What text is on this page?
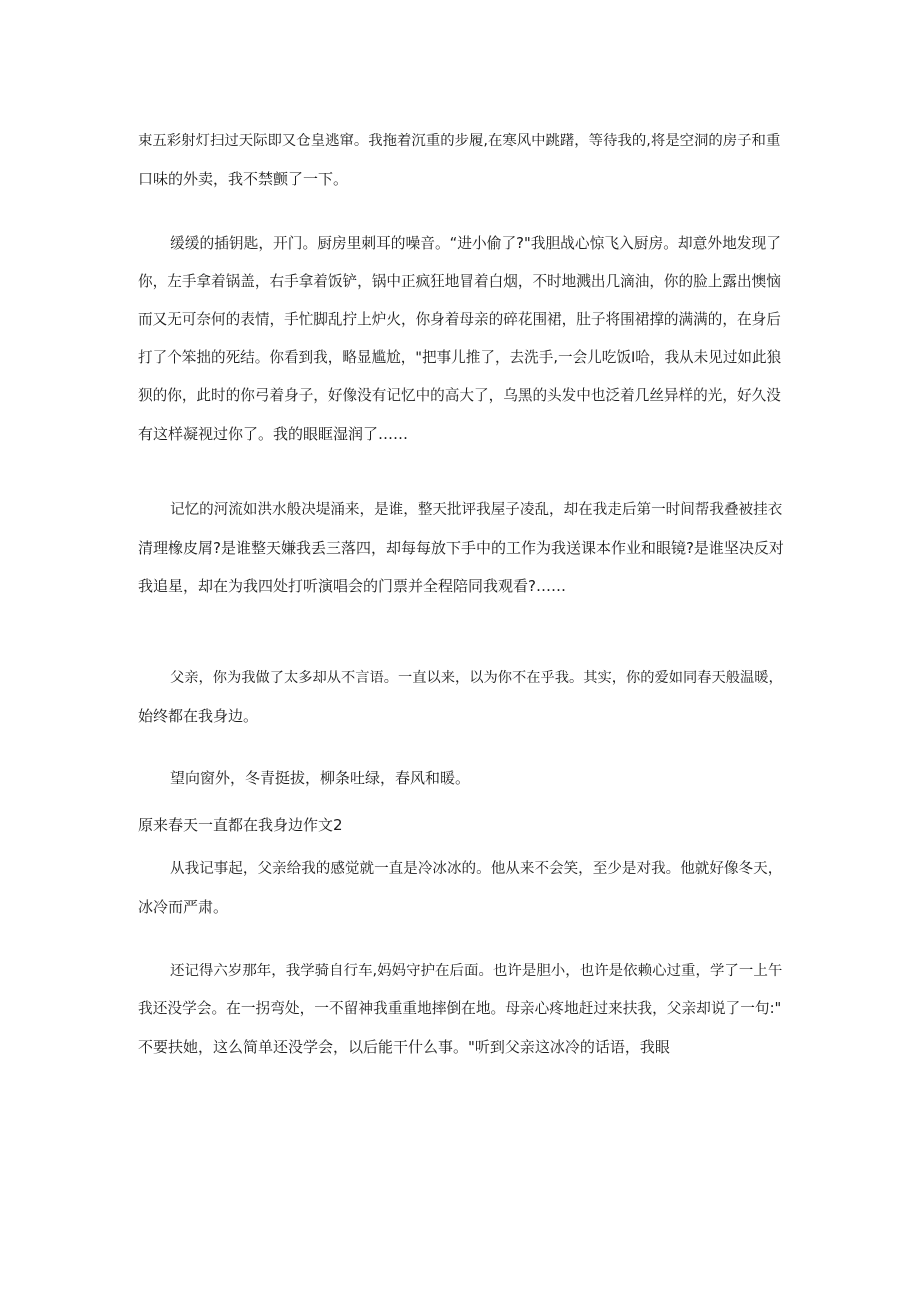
束五彩射灯扫过天际即又仓皇逃窜。我拖着沉重的步履,在寒风中跳躇，等待我的,将是空洞的房子和重
口味的外卖，我不禁颤了一下。

缓缓的插钥匙，开门。厨房里刺耳的噪音。“进小偷了?"我胆战心惊飞入厨房。却意外地发现了
你，左手拿着锅盖，右手拿着饭铲，锅中正疯狂地冒着白烟，不时地溅出几滴油，你的脸上露出懊恼
而又无可奈何的表情，手忙脚乱拧上炉火，你身着母亲的碎花围裙，肚子将围裙撑的满满的，在身后
打了个笨拙的死结。你看到我，略显尴尬，"把事儿推了，去洗手,一会儿吃饭I哈，我从未见过如此狼
狈的你，此时的你弓着身子，好像没有记忆中的高大了，乌黑的头发中也泛着几丝异样的光，好久没
有这样凝视过你了。我的眼眶湿润了……

记忆的河流如洪水般决堤涌来，是谁，整天批评我屋子凌乱，却在我走后第一时间帮我叠被挂衣
清理橡皮屑?是谁整天嫌我丢三落四，却每每放下手中的工作为我送课本作业和眼镜?是谁坚决反对
我追星，却在为我四处打听演唱会的门票并全程陪同我观看?……

父亲，你为我做了太多却从不言语。一直以来，以为你不在乎我。其实，你的爱如同春天般温暖，
始终都在我身边。

望向窗外，冬青挺拔，柳条吐绿，春风和暖。

原来春天一直都在我身边作文2

从我记事起，父亲给我的感觉就一直是冷冰冰的。他从来不会笑，至少是对我。他就好像冬天，
冰冷而严肃。

还记得六岁那年，我学骑自行车,妈妈守护在后面。也许是胆小，也许是依赖心过重，学了一上午
我还没学会。在一拐弯处，一不留神我重重地摔倒在地。母亲心疼地赶过来扶我，父亲却说了一句:"
不要扶她，这么简单还没学会，以后能干什么事。"听到父亲这冰冷的话语，我眼
